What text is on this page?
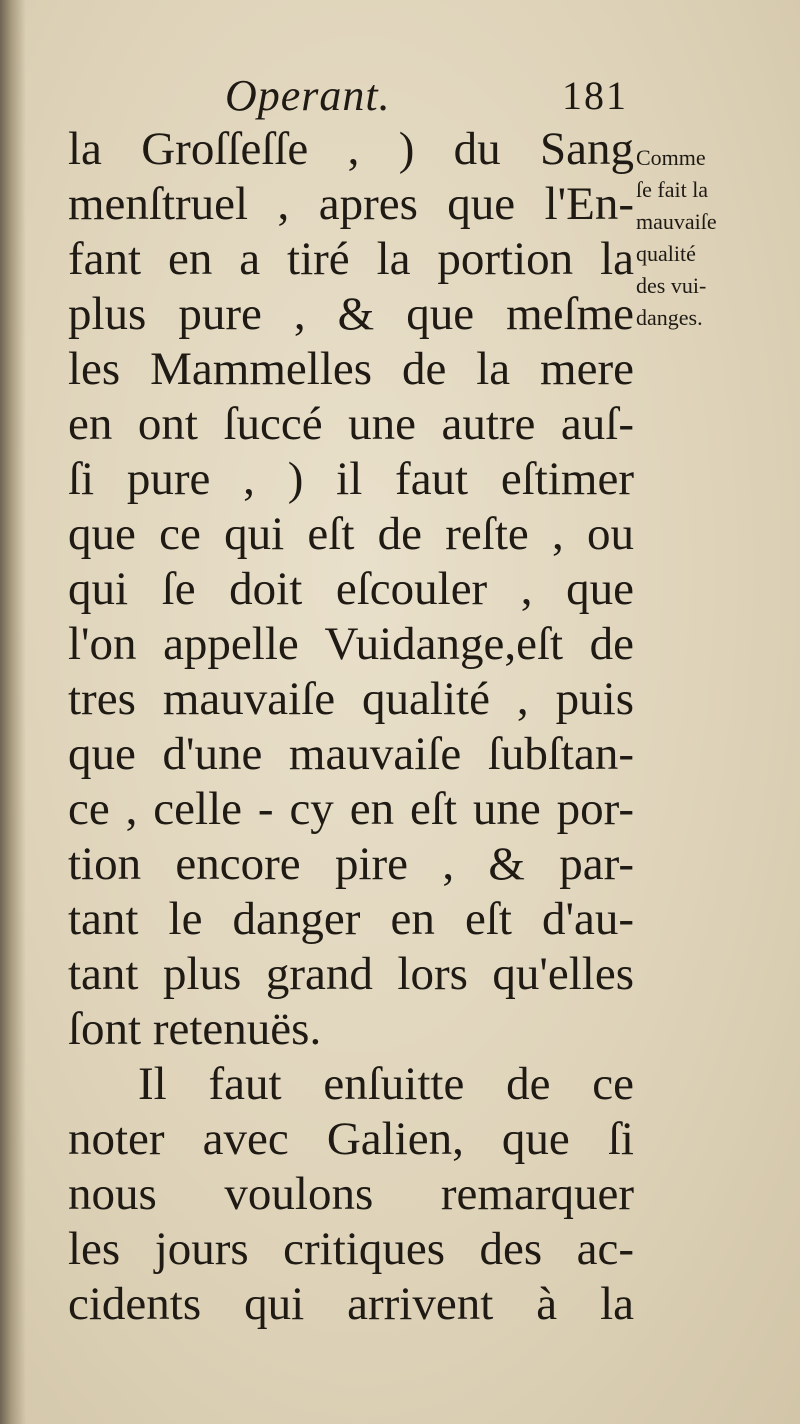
Operant.	181
la Groſſeſſe , ) du Sang
menſtruel , apres que l'En-
fant en a tiré la portion la
plus pure , & que meſme
les Mammelles de la mere
en ont ſuccé une autre auſ-
ſi pure , ) il faut eſtimer
que ce qui eſt de reſte , ou
qui ſe doit eſcouler , que
l'on appelle Vuidange,eſt de
tres mauvaiſe qualité , puis
que d'une mauvaiſe ſubſtan-
ce , celle - cy en eſt une por-
tion encore pire , & par-
tant le danger en eſt d'au-
tant plus grand lors qu'elles
ſont retenuës.
Il faut enſuitte de ce
noter avec Galien, que ſi
nous voulons remarquer
les jours critiques des ac-
cidents qui arrivent à la
Comme
ſe fait la
mauvaiſe
qualité
des vui-
danges.
